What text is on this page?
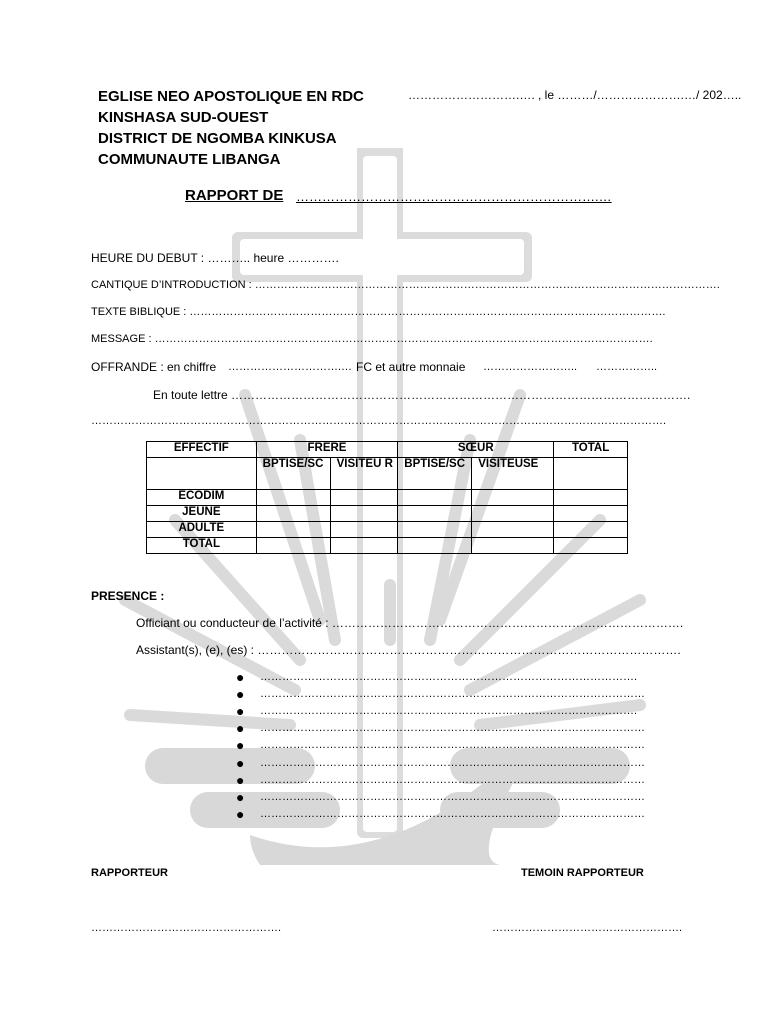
EGLISE NEO APOSTOLIQUE EN RDC
KINSHASA SUD-OUEST
DISTRICT DE NGOMBA KINKUSA
COMMUNAUTE LIBANGA
……………………….…. , le ………/………………….…/ 202…..
RAPPORT DE …………………………………………………………….…
HEURE DU DEBUT : ……….. heure ………….
CANTIQUE D’INTRODUCTION : ……………………………………………………………………………………………………………….
TEXTE BIBLIQUE : ………………………………………………………………………………………………………………….
MESSAGE : ……………………………………………………………………………………………………………………….
OFFRANDE : en chiffre ………………………….… FC et autre monnaie …………………….. ……………..
En toute lettre …………………………………………………………………………………………………….
………………………………………………………………………………………………………………………………………….
EFFECTIF	FRERE		SŒUR		TOTAL
	BPTISE/SC	VISITEU R	BPTISE/SC	VISITEUSE	
ECODIM					
JEUNE					
ADULTE					
TOTAL					
PRESENCE :
Officiant ou conducteur de l’activité : …………………………………………………………………………….
Assistant(s), (e), (es) : …………………………………………………………………………………………….
● ………………………………………………………………………………………….
● ……………………………………………………………………………………………
● ………………………………………………………………………………………….
● ……………………………………………………………………………………………
● ……………………………………………………………………………………………
● ……………………………………………………………………………………………
● ……………………………………………………………………………………………
● ……………………………………………………………………………………………
● ……………………………………………………………………………………………
RAPPORTEUR	TEMOIN RAPPORTEUR
…………………………………………….	…………………………………………….
